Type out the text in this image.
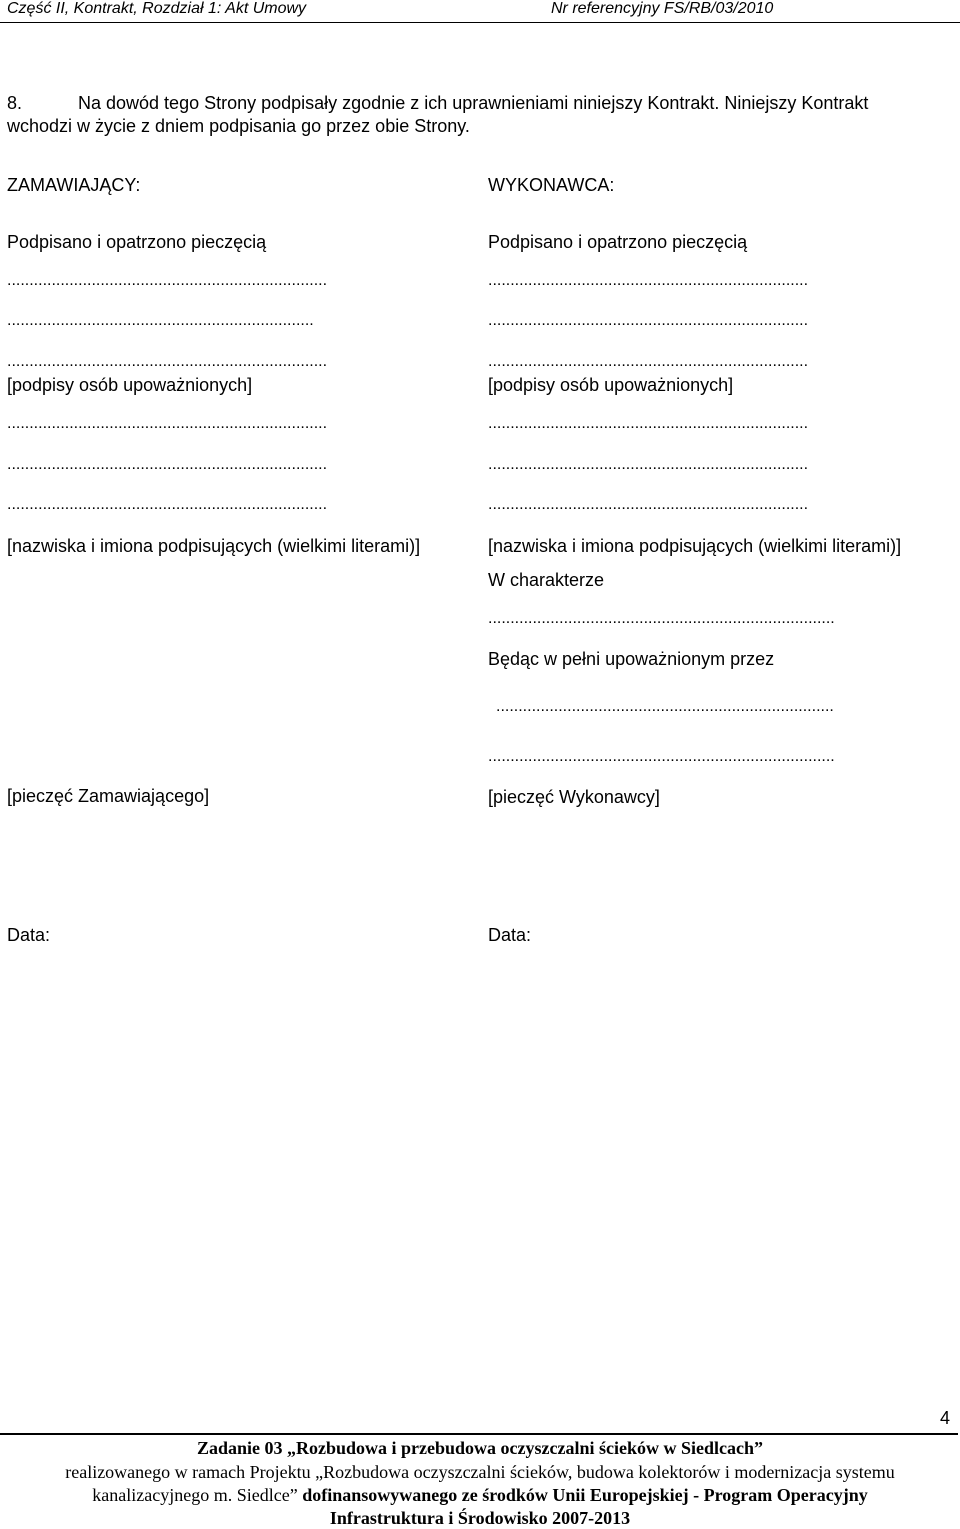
Część II, Kontrakt, Rozdział 1: Akt Umowy	Nr referencyjny FS/RB/03/2010
8.	Na dowód tego Strony podpisały zgodnie z ich uprawnieniami niniejszy Kontrakt. Niniejszy Kontrakt
wchodzi w życie z dniem podpisania go przez obie Strony.
ZAMAWIAJĄCY:
Podpisano i opatrzono pieczęcią
........................................................................
.....................................................................
........................................................................
[podpisy osób upoważnionych]
........................................................................
........................................................................
........................................................................
[nazwiska i imiona podpisujących (wielkimi literami)]
[pieczęć Zamawiającego]
Data:
WYKONAWCA:
Podpisano i opatrzono pieczęcią
........................................................................
........................................................................
........................................................................
[podpisy osób upoważnionych]
........................................................................
........................................................................
........................................................................
[nazwiska i imiona podpisujących (wielkimi literami)]
W charakterze
..............................................................................
Będąc w pełni upoważnionym przez
............................................................................
..............................................................................
[pieczęć Wykonawcy]
Data:
4
Zadanie 03 „Rozbudowa i przebudowa oczyszczalni ścieków w Siedlcach”
realizowanego w ramach Projektu „Rozbudowa oczyszczalni ścieków, budowa kolektorów i modernizacja systemu
kanalizacyjnego m. Siedlce” dofinansowywanego ze środków Unii Europejskiej - Program Operacyjny
Infrastruktura i Środowisko 2007-2013
